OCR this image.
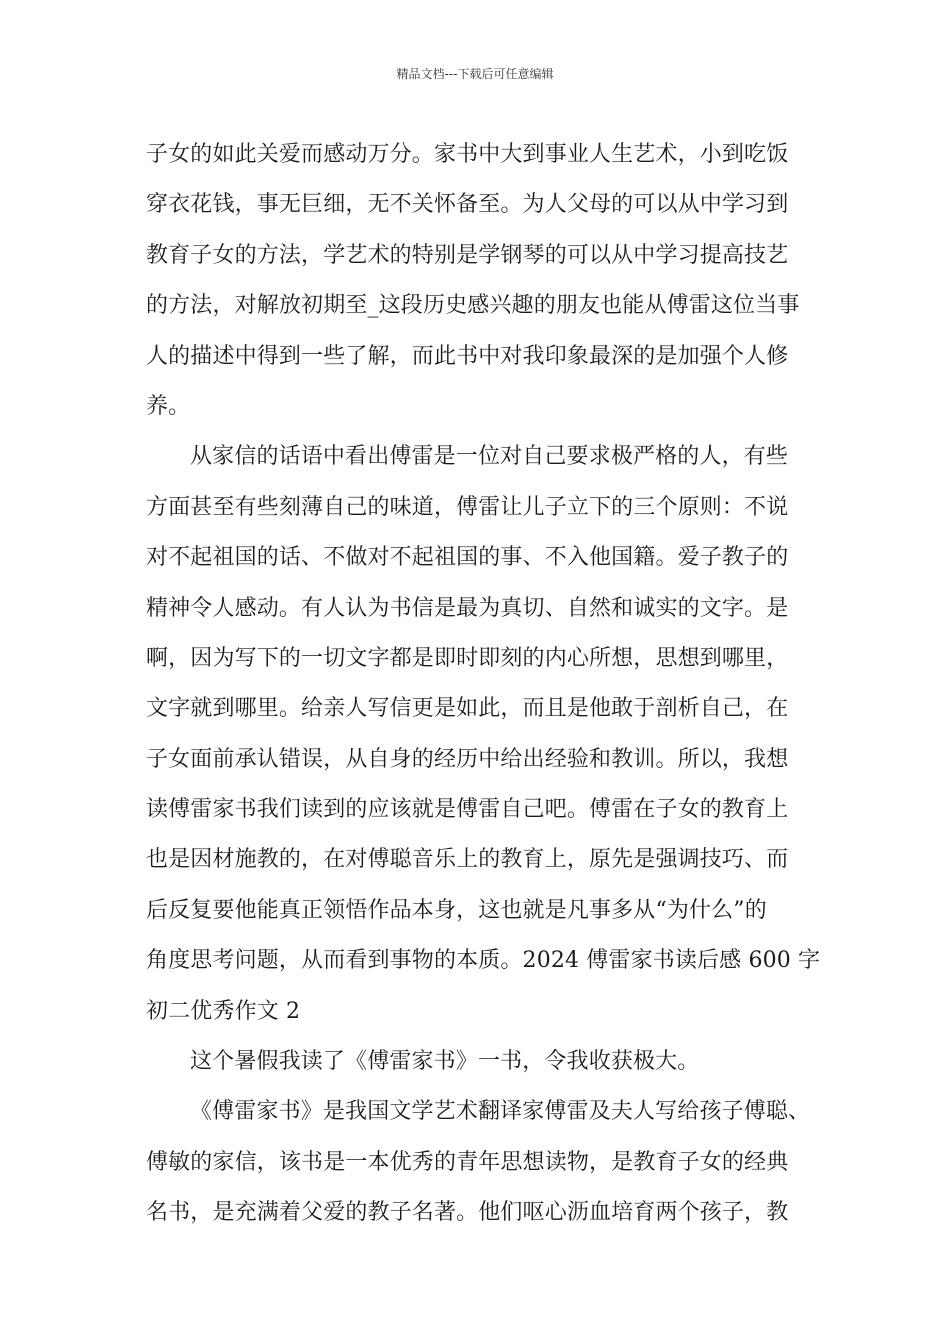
精品文档---下载后可任意编辑
子女的如此关爱而感动万分。家书中大到事业人生艺术，小到吃饭
穿衣花钱，事无巨细，无不关怀备至。为人父母的可以从中学习到
教育子女的方法，学艺术的特别是学钢琴的可以从中学习提高技艺
的方法，对解放初期至_这段历史感兴趣的朋友也能从傅雷这位当事
人的描述中得到一些了解，而此书中对我印象最深的是加强个人修
养。
从家信的话语中看出傅雷是一位对自己要求极严格的人，有些
方面甚至有些刻薄自己的味道，傅雷让儿子立下的三个原则：不说
对不起祖国的话、不做对不起祖国的事、不入他国籍。爱子教子的
精神令人感动。有人认为书信是最为真切、自然和诚实的文字。是
啊，因为写下的一切文字都是即时即刻的内心所想，思想到哪里，
文字就到哪里。给亲人写信更是如此，而且是他敢于剖析自己，在
子女面前承认错误，从自身的经历中给出经验和教训。所以，我想
读傅雷家书我们读到的应该就是傅雷自己吧。傅雷在子女的教育上
也是因材施教的，在对傅聪音乐上的教育上，原先是强调技巧、而
后反复要他能真正领悟作品本身，这也就是凡事多从“为什么”的
角度思考问题，从而看到事物的本质。2024 傅雷家书读后感 600 字
初二优秀作文 2
这个暑假我读了《傅雷家书》一书，令我收获极大。
《傅雷家书》是我国文学艺术翻译家傅雷及夫人写给孩子傅聪、
傅敏的家信，该书是一本优秀的青年思想读物，是教育子女的经典
名书，是充满着父爱的教子名著。他们呕心沥血培育两个孩子，教
